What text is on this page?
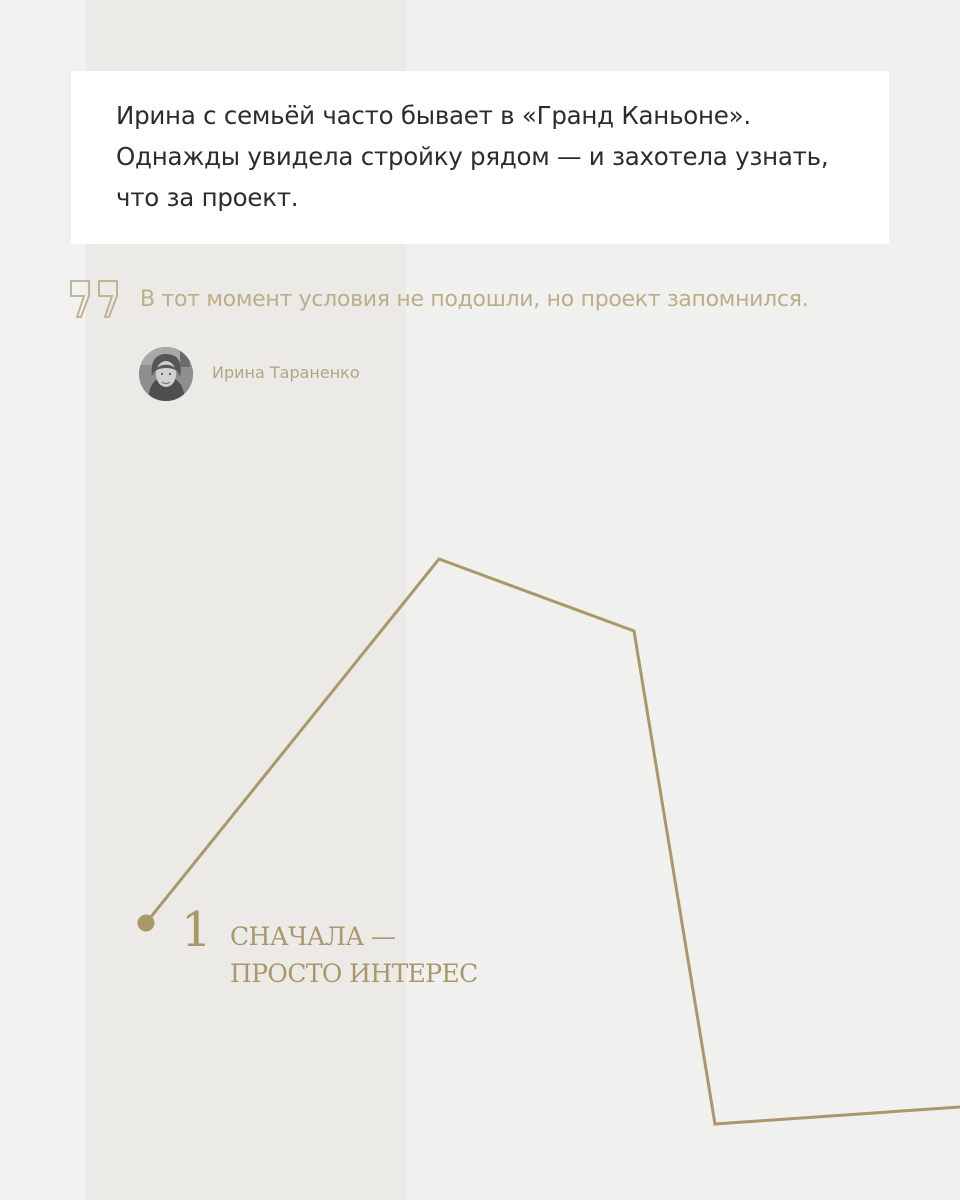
Ирина с семьёй часто бывает в «Гранд Каньоне».
Однажды увидела стройку рядом — и захотела узнать,
что за проект.

В тот момент условия не подошли, но проект запомнился.

Ирина Тараненко

1 СНАЧАЛА —
ПРОСТО ИНТЕРЕС
